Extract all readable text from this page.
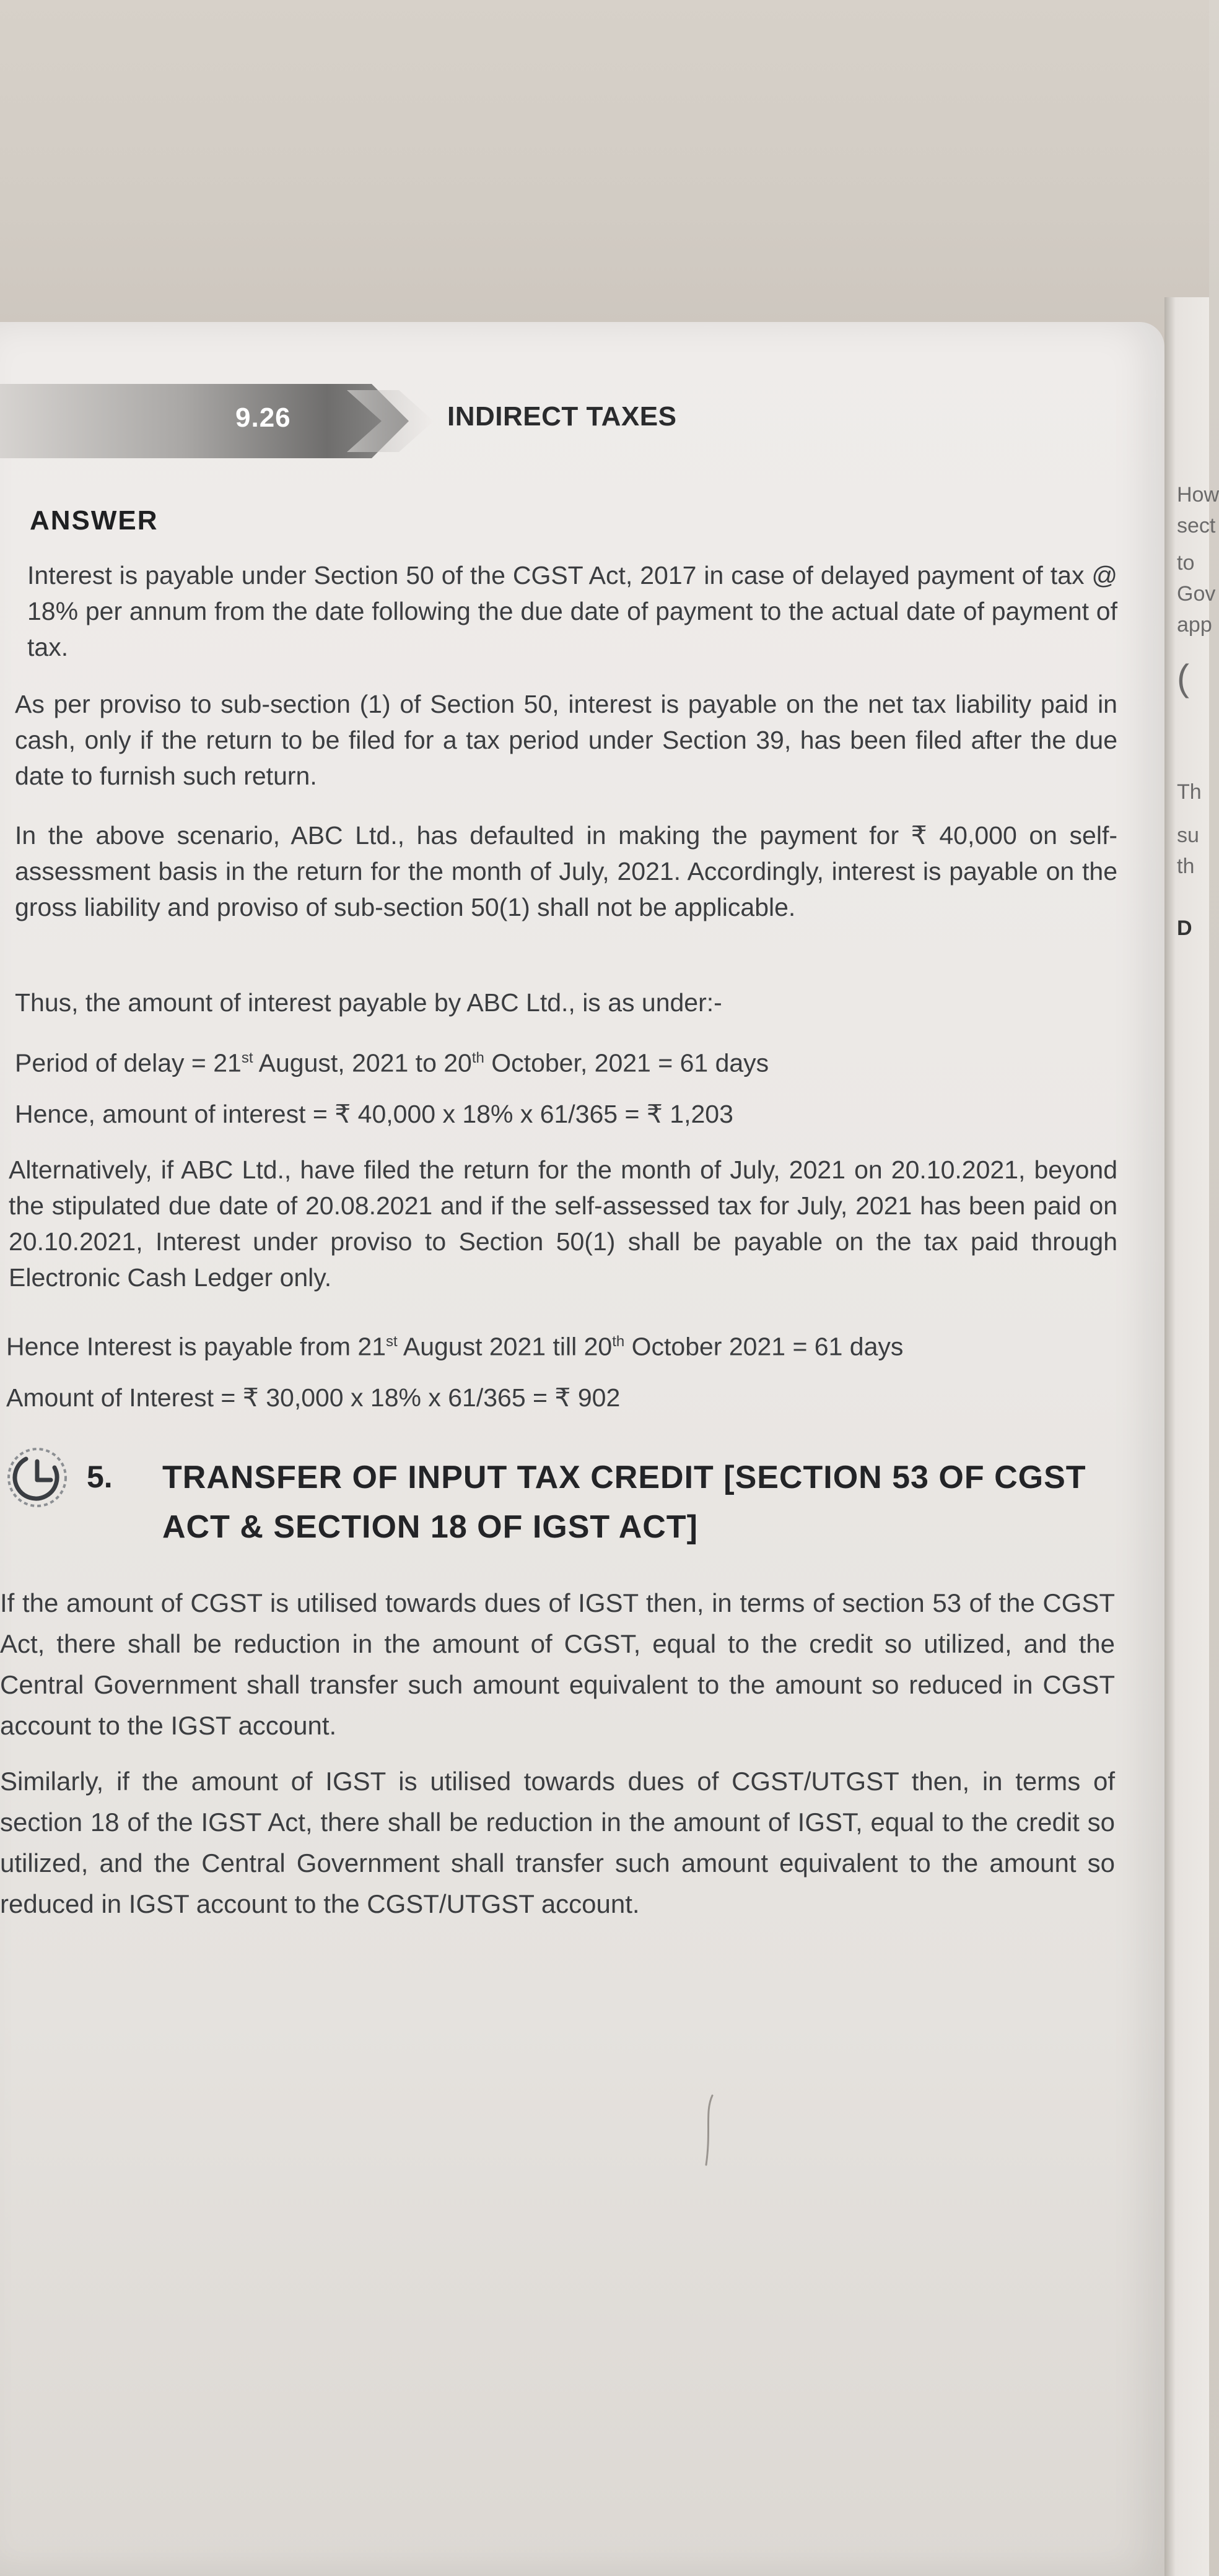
How
sect
to
Gov
app
(
Th
su
th
D
9.26	INDIRECT TAXES
ANSWER
Interest is payable under Section 50 of the CGST Act, 2017 in case of delayed payment of tax @ 18% per annum from the date following the due date of payment to the actual date of payment of tax.
As per proviso to sub-section (1) of Section 50, interest is payable on the net tax liability paid in cash, only if the return to be filed for a tax period under Section 39, has been filed after the due date to furnish such return.
In the above scenario, ABC Ltd., has defaulted in making the payment for ₹ 40,000 on self-assessment basis in the return for the month of July, 2021. Accordingly, interest is payable on the gross liability and proviso of sub-section 50(1) shall not be applicable.
Thus, the amount of interest payable by ABC Ltd., is as under:-
Period of delay = 21st August, 2021 to 20th October, 2021 = 61 days
Hence, amount of interest = ₹ 40,000 x 18% x 61/365 = ₹ 1,203
Alternatively, if ABC Ltd., have filed the return for the month of July, 2021 on 20.10.2021, beyond the stipulated due date of 20.08.2021 and if the self-assessed tax for July, 2021 has been paid on 20.10.2021, Interest under proviso to Section 50(1) shall be payable on the tax paid through Electronic Cash Ledger only.
Hence Interest is payable from 21st August 2021 till 20th October 2021 = 61 days
Amount of Interest = ₹ 30,000 x 18% x 61/365 = ₹ 902
5. TRANSFER OF INPUT TAX CREDIT [SECTION 53 OF CGST ACT & SECTION 18 OF IGST ACT]
If the amount of CGST is utilised towards dues of IGST then, in terms of section 53 of the CGST Act, there shall be reduction in the amount of CGST, equal to the credit so utilized, and the Central Government shall transfer such amount equivalent to the amount so reduced in CGST account to the IGST account.
Similarly, if the amount of IGST is utilised towards dues of CGST/UTGST then, in terms of section 18 of the IGST Act, there shall be reduction in the amount of IGST, equal to the credit so utilized, and the Central Government shall transfer such amount equivalent to the amount so reduced in IGST account to the CGST/UTGST account.
